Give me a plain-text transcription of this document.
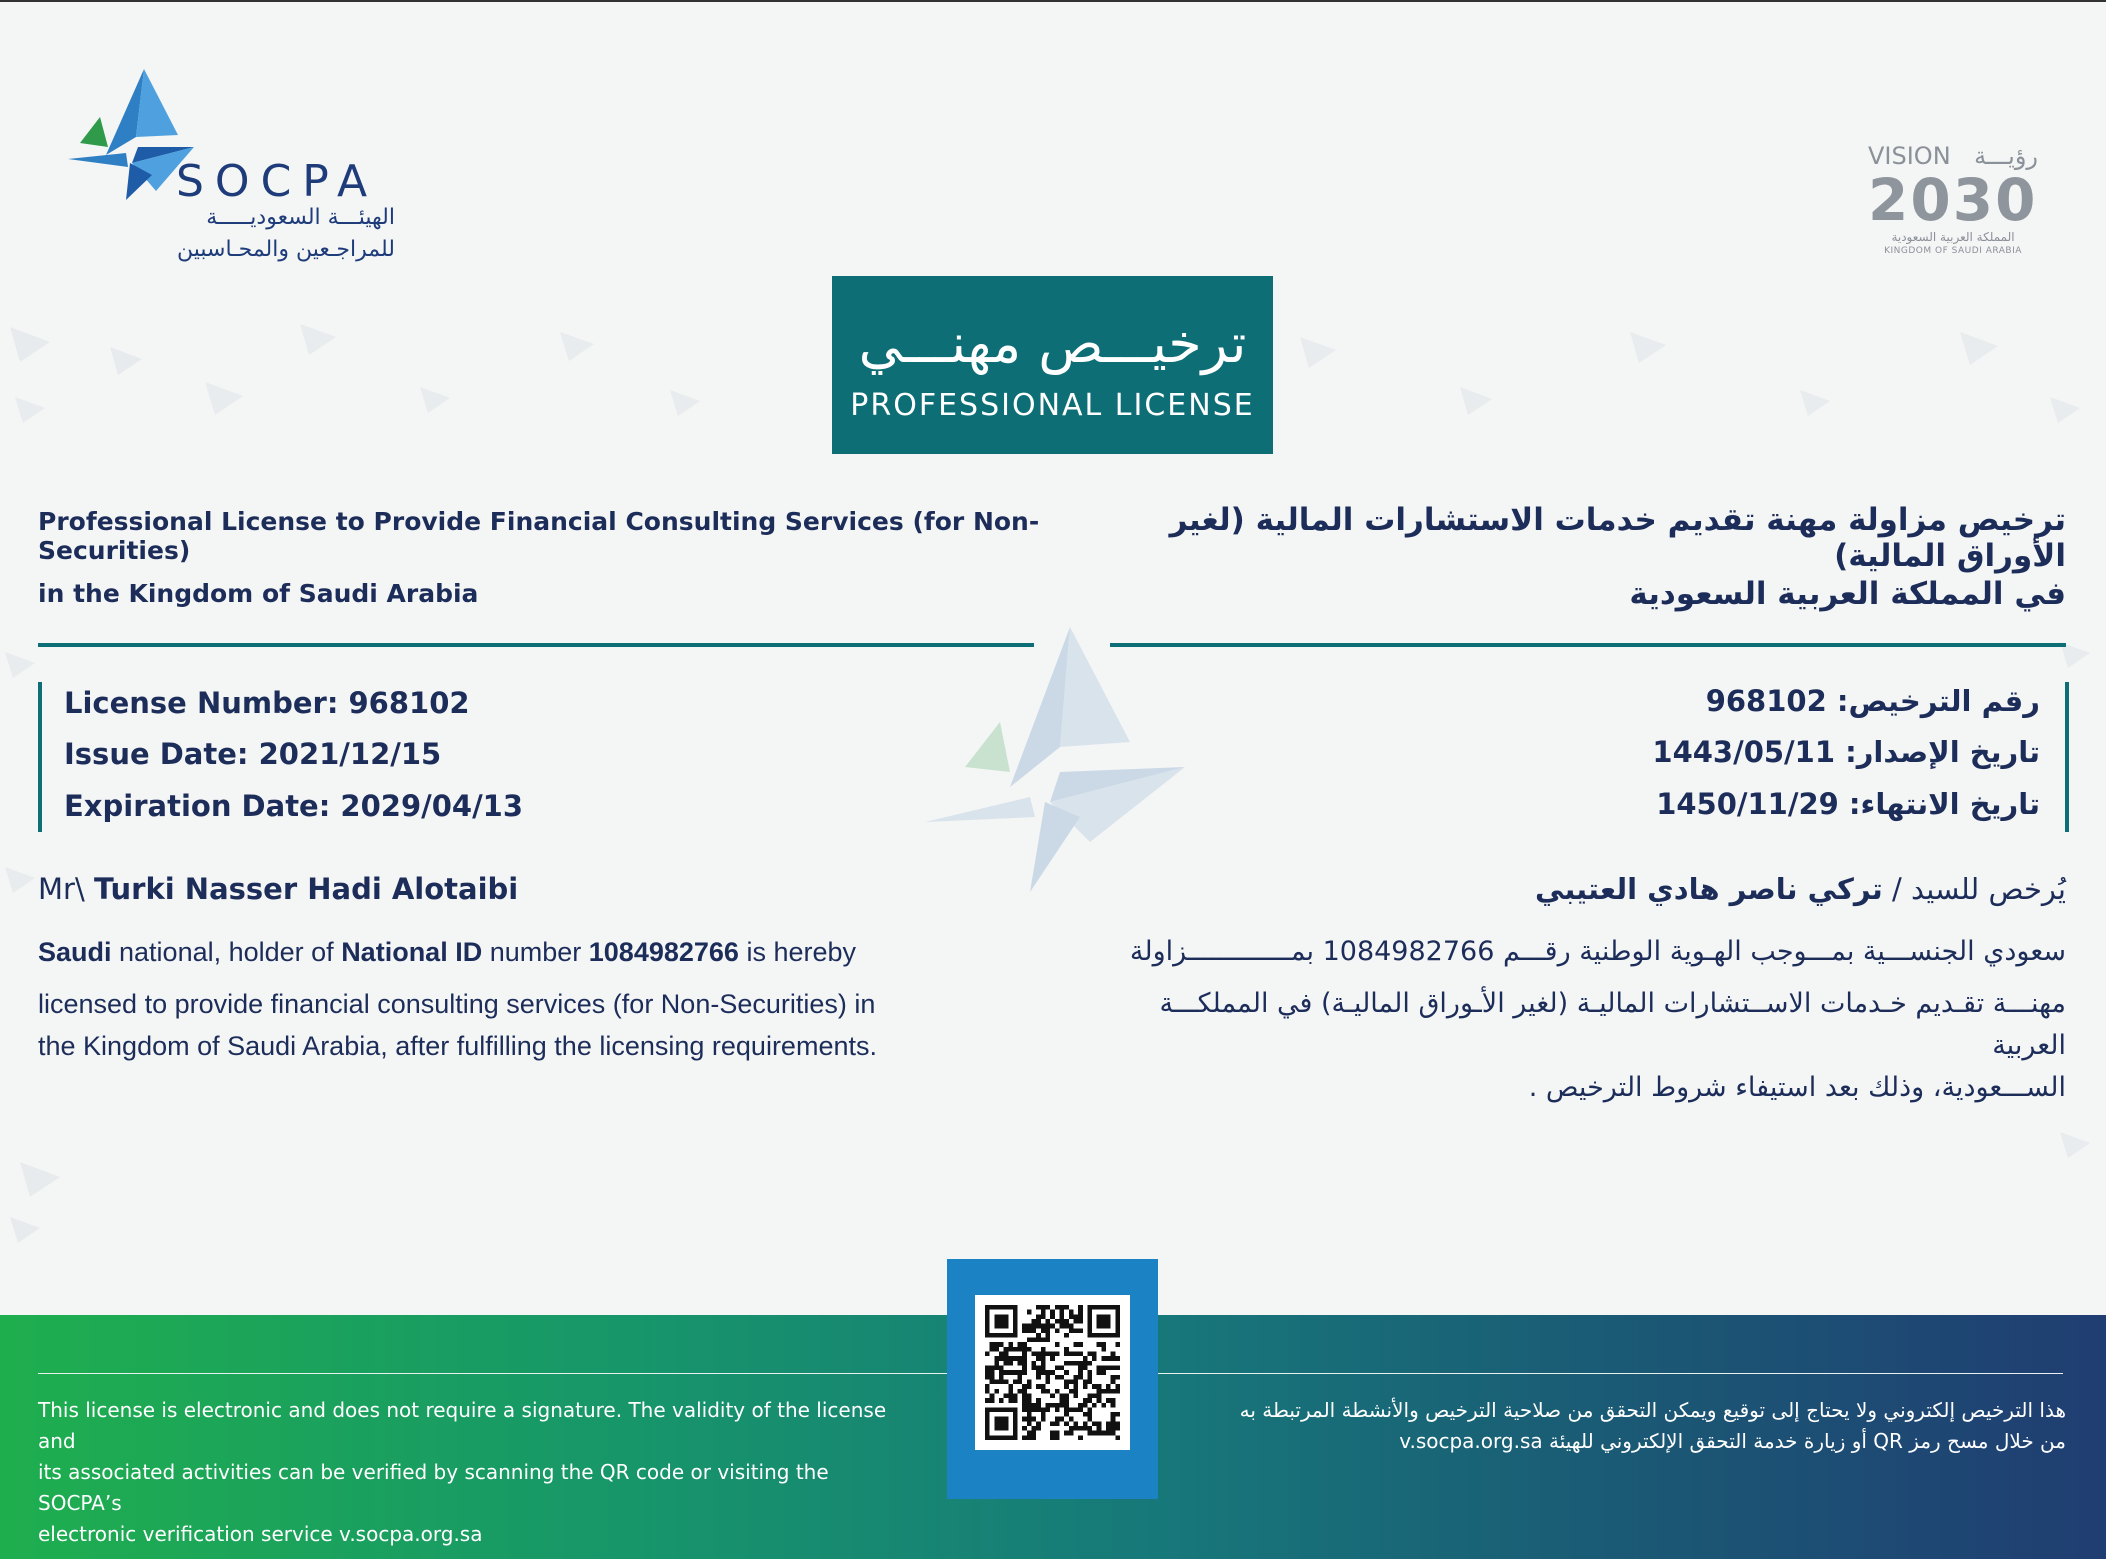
SOCPA
الهيئـــة السعوديـــــة
للمراجـعين والمحـاسبين
VISION رؤيـــة
2030
المملكة العربية السعودية
KINGDOM OF SAUDI ARABIA
ترخيـــص مهنـــي
PROFESSIONAL LICENSE
Professional License to Provide Financial Consulting Services (for Non-Securities)
in the Kingdom of Saudi Arabia
ترخيص مزاولة مهنة تقديم خدمات الاستشارات المالية (لغير الأوراق المالية)
في المملكة العربية السعودية
License Number: 968102
Issue Date: 2021/12/15
Expiration Date: 2029/04/13
رقم الترخيص: 968102
تاريخ الإصدار: 1443/05/11
تاريخ الانتهاء: 1450/11/29
Mr\ Turki Nasser Hadi Alotaibi	يُرخص للسيد / تركي ناصر هادي العتيبي
Saudi national, holder of National ID number 1084982766 is hereby
licensed to provide financial consulting services (for Non-Securities) in
the Kingdom of Saudi Arabia, after fulfilling the licensing requirements.
سعودي الجنســـية بمـــوجب الهـوية الوطنية رقـــم 1084982766 بمـــــــــــــزاولة
مهنـــة تقـديم خـدمات الاســتشارات الماليـة (لغير الأـوراق الماليـة) في المملكـــة العربية
الســـعودية، وذلك بعد استيفاء شروط الترخيص .
This license is electronic and does not require a signature. The validity of the license and
its associated activities can be verified by scanning the QR code or visiting the SOCPA’s
electronic verification service v.socpa.org.sa
هذا الترخيص إلكتروني ولا يحتاج إلى توقيع ويمكن التحقق من صلاحية الترخيص والأنشطة المرتبطة به
من خلال مسح رمز QR أو زيارة خدمة التحقق الإلكتروني للهيئة v.socpa.org.sa
